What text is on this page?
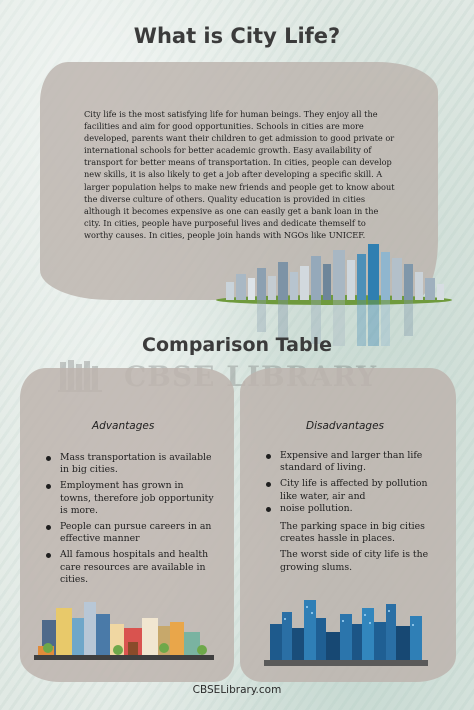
What is City Life?
City life is the most satisfying life for human beings. They enjoy all the facilities and aim for good opportunities. Schools in cities are more developed, parents want their children to get admission to good private or international schools for better academic growth. Easy availability of transport for better means of transportation. In cities, people can develop new skills, it is also likely to get a job after developing a specific skill. A larger population helps to make new friends and people get to know about the diverse culture of others. Quality education is provided in cities although it becomes expensive as one can easily get a bank loan in the city. In cities, people have purposeful lives and dedicate themself to worthy causes. In cities, people join hands with NGOs like UNICEF.
Comparison Table
Advantages	Disadvantages
Mass transportation is available in big cities.
Employment has grown in towns, therefore job opportunity is more.
People can pursue careers in an effective manner
All famous hospitals and health care resources are available in cities.
Expensive and larger than life standard of living.
City life is affected by pollution like water, air and
noise pollution.
The parking space in big cities creates hassle in places.
The worst side of city life is the growing slums.
CBSELibrary.com
